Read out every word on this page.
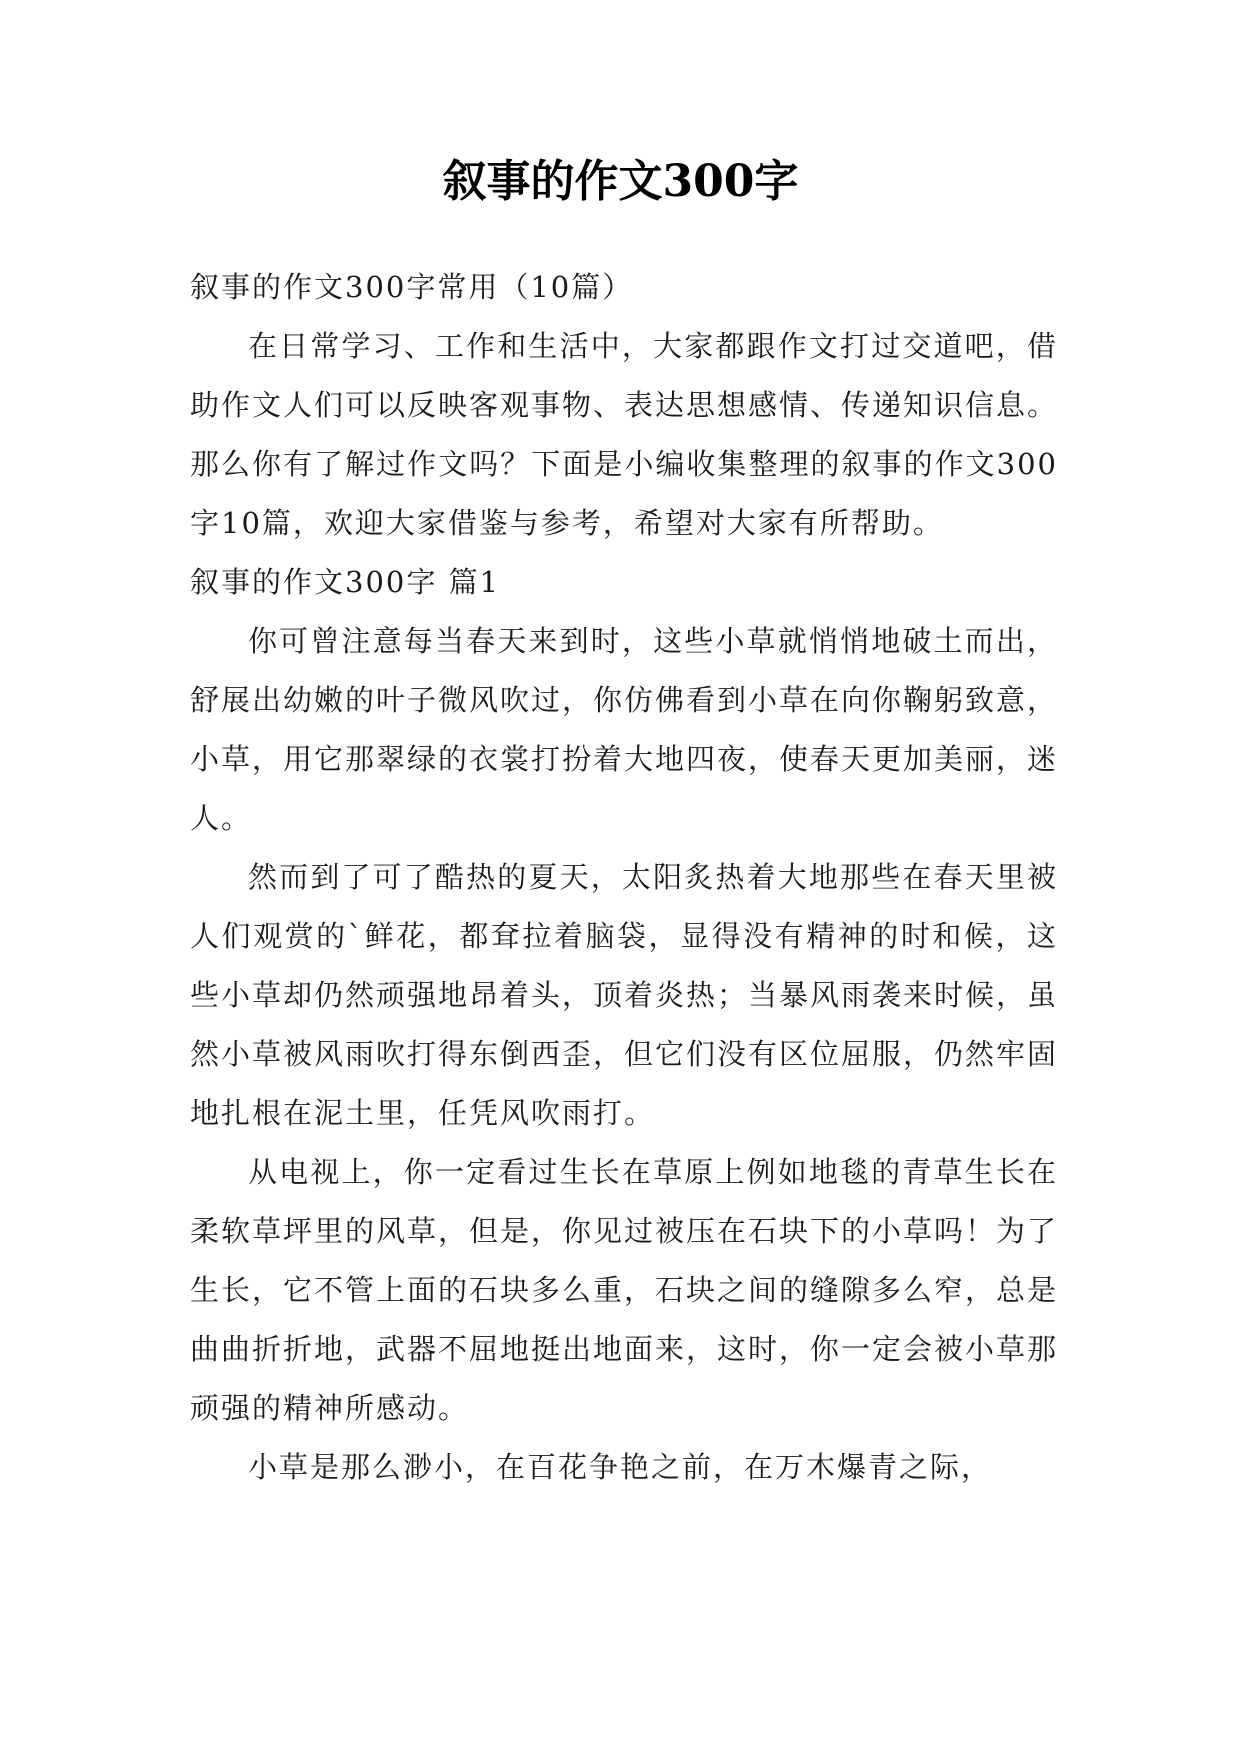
叙事的作文300字

叙事的作文300字常用（10篇）

在日常学习、工作和生活中，大家都跟作文打过交道吧，借助作文人们可以反映客观事物、表达思想感情、传递知识信息。那么你有了解过作文吗？下面是小编收集整理的叙事的作文300字10篇，欢迎大家借鉴与参考，希望对大家有所帮助。

叙事的作文300字 篇1

你可曾注意每当春天来到时，这些小草就悄悄地破土而出，舒展出幼嫩的叶子微风吹过，你仿佛看到小草在向你鞠躬致意，小草，用它那翠绿的衣裳打扮着大地四夜，使春天更加美丽，迷人。

然而到了可了酷热的夏天，太阳炙热着大地那些在春天里被人们观赏的`鲜花，都耷拉着脑袋，显得没有精神的时和候，这些小草却仍然顽强地昂着头，顶着炎热；当暴风雨袭来时候，虽然小草被风雨吹打得东倒西歪，但它们没有区位屈服，仍然牢固地扎根在泥土里，任凭风吹雨打。

从电视上，你一定看过生长在草原上例如地毯的青草生长在柔软草坪里的风草，但是，你见过被压在石块下的小草吗！为了生长，它不管上面的石块多么重，石块之间的缝隙多么窄，总是曲曲折折地，武器不屈地挺出地面来，这时，你一定会被小草那顽强的精神所感动。

小草是那么渺小，在百花争艳之前，在万木爆青之际，
